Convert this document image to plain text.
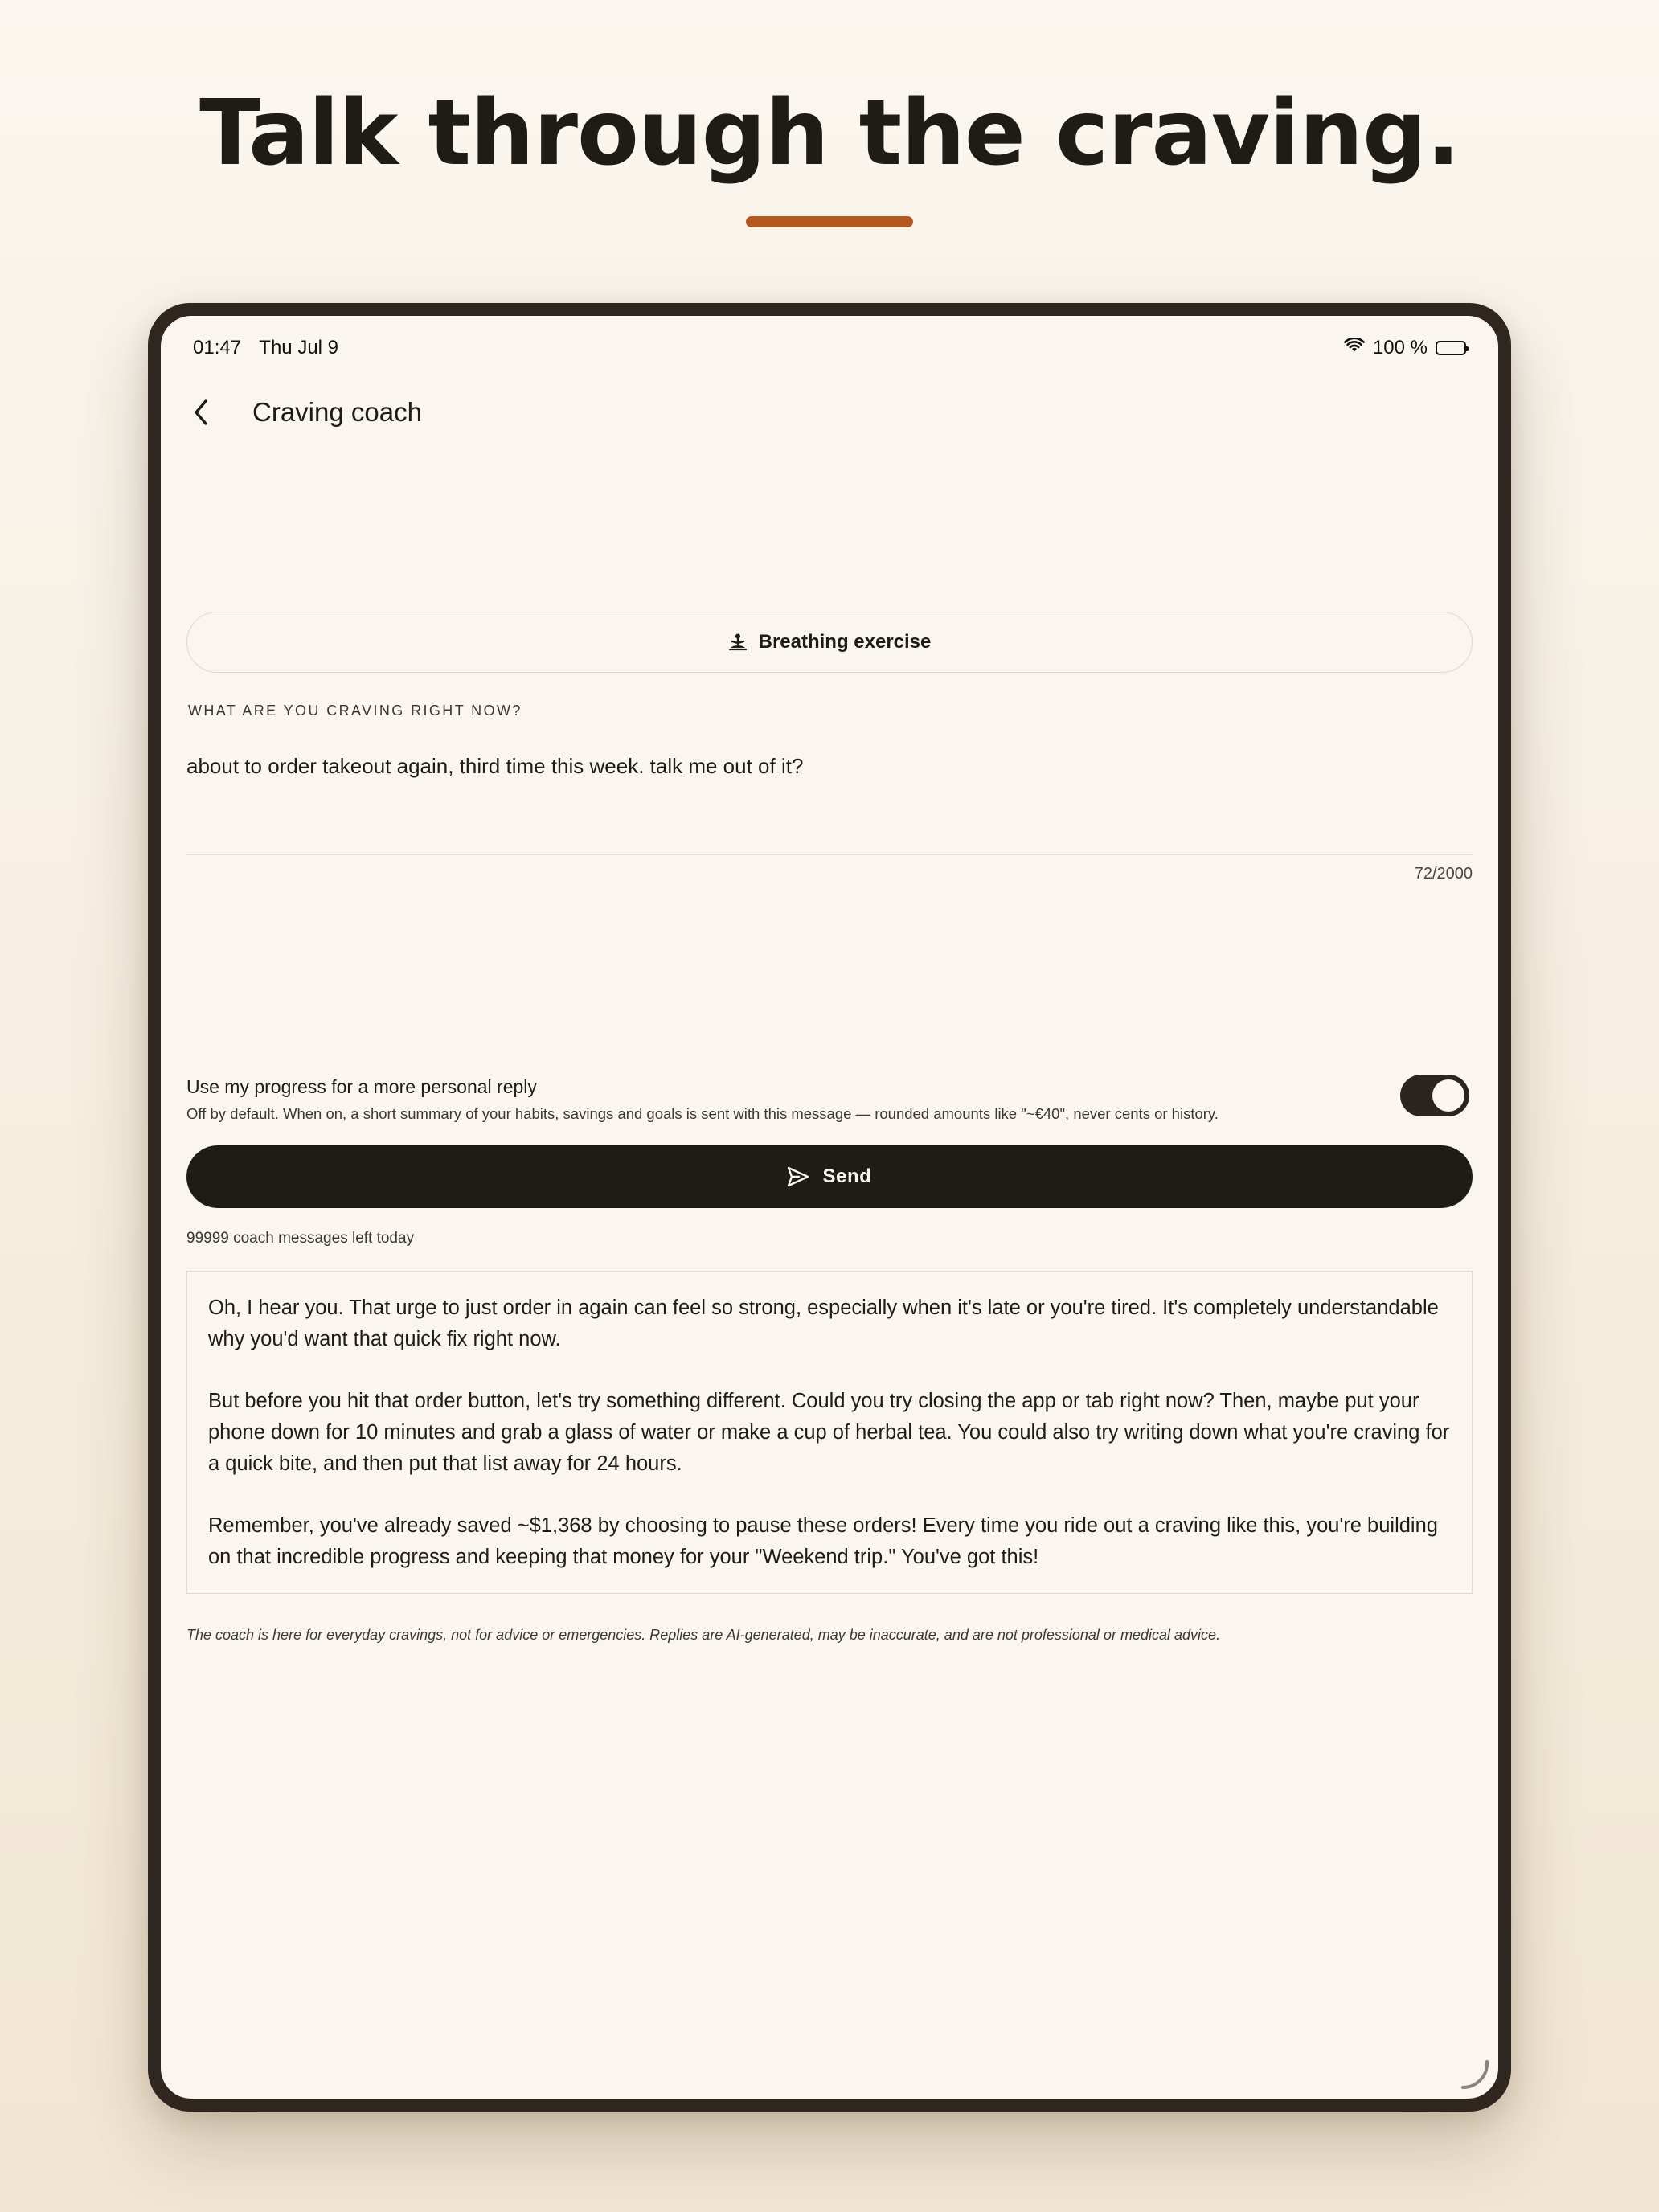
Talk through the craving.
01:47 Thu Jul 9	100 %
Craving coach
Breathing exercise
WHAT ARE YOU CRAVING RIGHT NOW?
about to order takeout again, third time this week. talk me out of it?
72/2000
Use my progress for a more personal reply
Off by default. When on, a short summary of your habits, savings and goals is sent with this message — rounded amounts like "~€40", never cents or history.
Send
99999 coach messages left today

Oh, I hear you. That urge to just order in again can feel so strong, especially when it's late or you're tired. It's completely understandable why you'd want that quick fix right now.

But before you hit that order button, let's try something different. Could you try closing the app or tab right now? Then, maybe put your phone down for 10 minutes and grab a glass of water or make a cup of herbal tea. You could also try writing down what you're craving for a quick bite, and then put that list away for 24 hours.

Remember, you've already saved ~$1,368 by choosing to pause these orders! Every time you ride out a craving like this, you're building on that incredible progress and keeping that money for your "Weekend trip." You've got this!

The coach is here for everyday cravings, not for advice or emergencies. Replies are AI-generated, may be inaccurate, and are not professional or medical advice.
